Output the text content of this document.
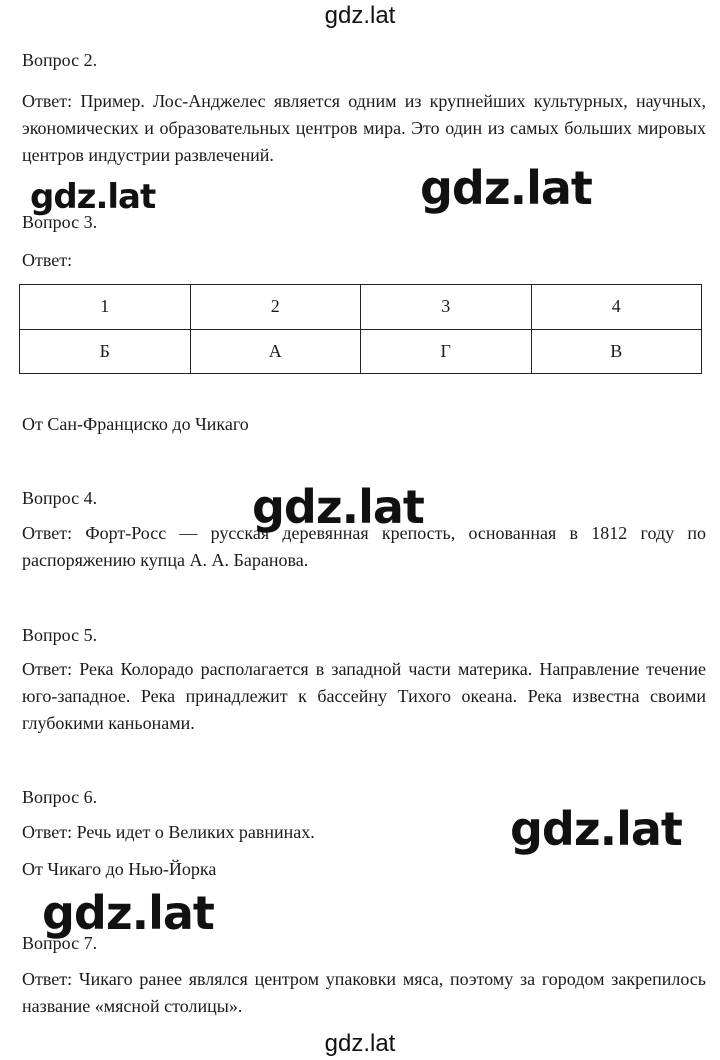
gdz.lat

Вопрос 2.

Ответ: Пример. Лос-Анджелес является одним из крупнейших культурных, научных, экономических и образовательных центров мира. Это один из самых больших мировых центров индустрии развлечений.

Вопрос 3.

Ответ:

1	2	3	4
Б	А	Г	В

От Сан-Франциско до Чикаго

Вопрос 4.

Ответ: Форт-Росс — русская деревянная крепость, основанная в 1812 году по распоряжению купца А. А. Баранова.

Вопрос 5.

Ответ: Река Колорадо располагается в западной части материка. Направление течение юго-западное. Река принадлежит к бассейну Тихого океана. Река известна своими глубокими каньонами.

Вопрос 6.

Ответ: Речь идет о Великих равнинах.

От Чикаго до Нью-Йорка

Вопрос 7.

Ответ: Чикаго ранее являлся центром упаковки мяса, поэтому за городом закрепилось название «мясной столицы».

gdz.lat	gdz.lat
gdz.lat
gdz.lat
gdz.lat
gdz.lat
